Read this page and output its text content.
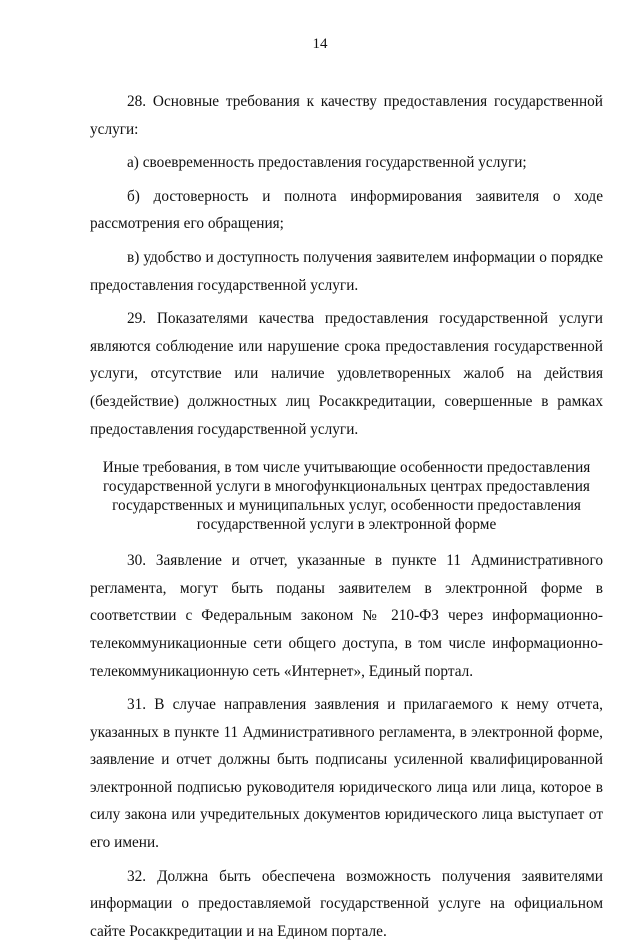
14

28. Основные требования к качеству предоставления государственной услуги:

а) своевременность предоставления государственной услуги;

б) достоверность и полнота информирования заявителя о ходе рассмотрения его обращения;

в) удобство и доступность получения заявителем информации о порядке предоставления государственной услуги.

29. Показателями качества предоставления государственной услуги являются соблюдение или нарушение срока предоставления государственной услуги, отсутствие или наличие удовлетворенных жалоб на действия (бездействие) должностных лиц Росаккредитации, совершенные в рамках предоставления государственной услуги.

Иные требования, в том числе учитывающие особенности предоставления государственной услуги в многофункциональных центрах предоставления государственных и муниципальных услуг, особенности предоставления государственной услуги в электронной форме

30. Заявление и отчет, указанные в пункте 11 Административного регламента, могут быть поданы заявителем в электронной форме в соответствии с Федеральным законом № 210-ФЗ через информационно-телекоммуникационные сети общего доступа, в том числе информационно-телекоммуникационную сеть «Интернет», Единый портал.

31. В случае направления заявления и прилагаемого к нему отчета, указанных в пункте 11 Административного регламента, в электронной форме, заявление и отчет должны быть подписаны усиленной квалифицированной электронной подписью руководителя юридического лица или лица, которое в силу закона или учредительных документов юридического лица выступает от его имени.

32. Должна быть обеспечена возможность получения заявителями информации о предоставляемой государственной услуге на официальном сайте Росаккредитации и на Едином портале.
